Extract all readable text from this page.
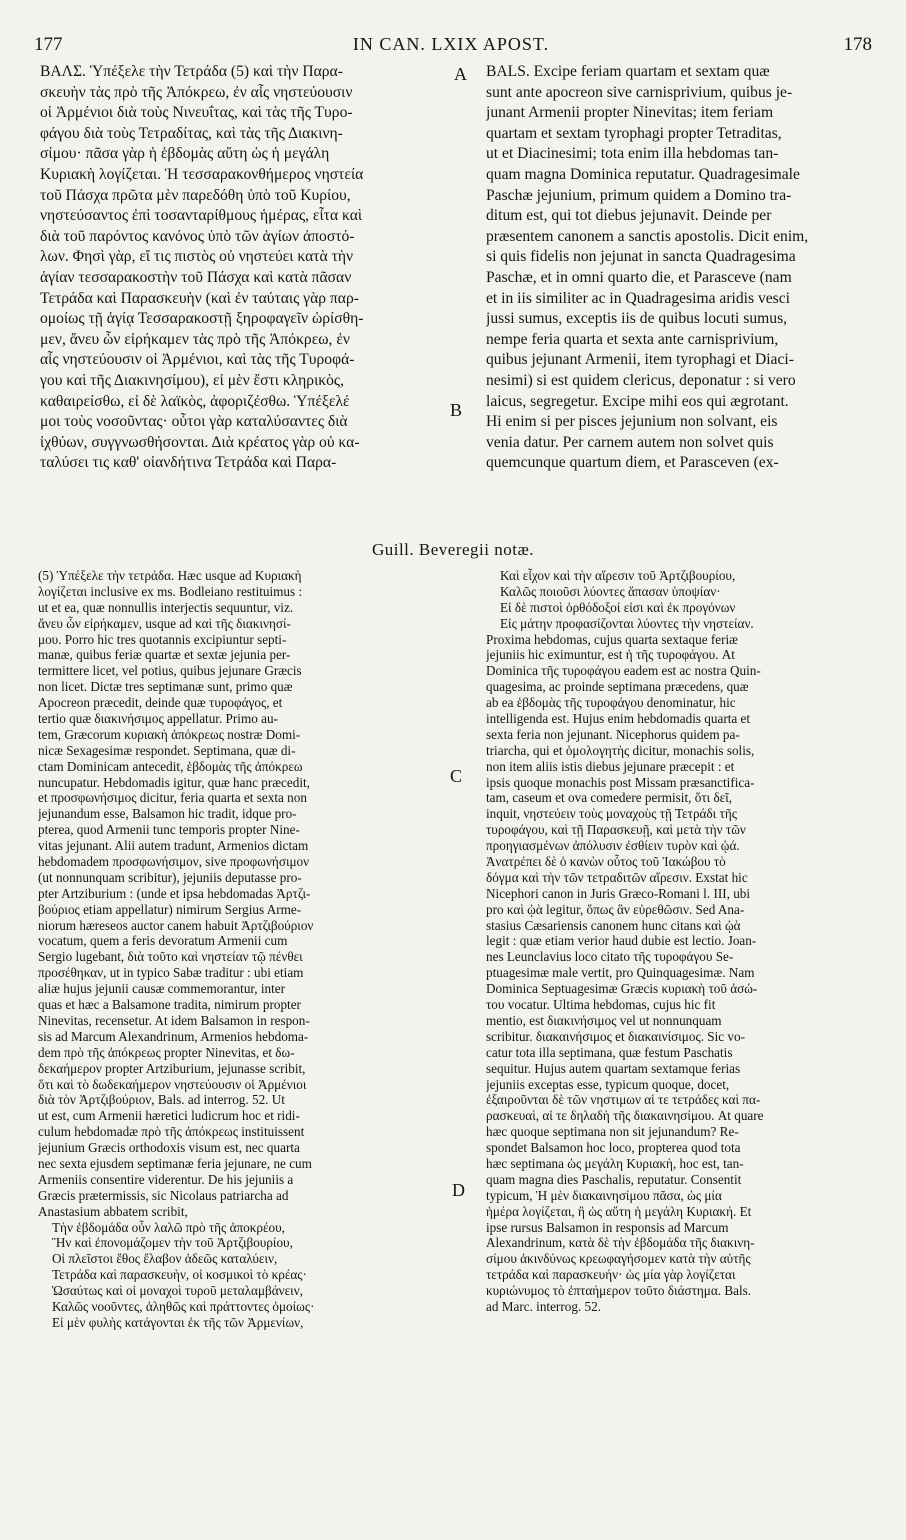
177	IN CAN. LXIX APOST.	178
ΒΑΛΣ. Ὑπέξελε τὴν Τετράδα (5) καὶ τὴν Παρα-
σκευὴν τὰς πρὸ τῆς Ἀπόκρεω, ἐν αἷς νηστεύουσιν
οἱ Ἀρμένιοι διὰ τοὺς Νινευΐτας, καὶ τὰς τῆς Τυρο-
φάγου διὰ τοὺς Τετραδίτας, καὶ τὰς τῆς Διακινη-
σίμου· πᾶσα γὰρ ἡ ἑβδομὰς αὕτη ὡς ἡ μεγάλη
Κυριακὴ λογίζεται. Ἡ τεσσαρακονθήμερος νηστεία
τοῦ Πάσχα πρῶτα μὲν παρεδόθη ὑπὸ τοῦ Κυρίου,
νηστεύσαντος ἐπὶ τοσανταρίθμους ἡμέρας, εἶτα καὶ
διὰ τοῦ παρόντος κανόνος ὑπὸ τῶν ἁγίων ἀποστό-
λων. Φησὶ γὰρ, εἴ τις πιστὸς οὐ νηστεύει κατὰ τὴν
ἁγίαν τεσσαρακοστὴν τοῦ Πάσχα καὶ κατὰ πᾶσαν
Τετράδα καὶ Παρασκευὴν (καὶ ἐν ταύταις γὰρ παρ-
ομοίως τῇ ἁγίᾳ Τεσσαρακοστῇ ξηροφαγεῖν ὡρίσθη-
μεν, ἄνευ ὧν εἰρήκαμεν τὰς πρὸ τῆς Ἀπόκρεω, ἐν
αἷς νηστεύουσιν οἱ Ἀρμένιοι, καὶ τὰς τῆς Τυροφά-
γου καὶ τῆς Διακινησίμου), εἰ μὲν ἔστι κληρικὸς,
καθαιρείσθω, εἰ δὲ λαϊκὸς, ἀφοριζέσθω. Ὑπέξελέ
μοι τοὺς νοσοῦντας· οὗτοι γὰρ καταλύσαντες διὰ
ἰχθύων, συγγνωσθήσονται. Διὰ κρέατος γὰρ οὐ κα-
ταλύσει τις καθ' οἱανδήτινα Τετράδα καὶ Παρα-
BALS. Excipe feriam quartam et sextam quæ
sunt ante apocreon sive carnisprivium, quibus je-
junant Armenii propter Ninevitas; item feriam
quartam et sextam tyrophagi propter Tetraditas,
ut et Diacinesimi; tota enim illa hebdomas tan-
quam magna Dominica reputatur. Quadragesimale
Paschæ jejunium, primum quidem a Domino tra-
ditum est, qui tot diebus jejunavit. Deinde per
præsentem canonem a sanctis apostolis. Dicit enim,
si quis fidelis non jejunat in sancta Quadragesima
Paschæ, et in omni quarto die, et Parasceve (nam
et in iis similiter ac in Quadragesima aridis vesci
jussi sumus, exceptis iis de quibus locuti sumus,
nempe feria quarta et sexta ante carnisprivium,
quibus jejunant Armenii, item tyrophagi et Diaci-
nesimi) si est quidem clericus, deponatur : si vero
laicus, segregetur. Excipe mihi eos qui ægrotant.
Hi enim si per pisces jejunium non solvant, eis
venia datur. Per carnem autem non solvet quis
quemcunque quartum diem, et Parasceven (ex-
A
B
C
D
Guill. Beveregii notæ.
(5) Ὑπέξελε τὴν τετράδα. Hæc usque ad Κυριακὴ
λογίζεται inclusive ex ms. Bodleiano restituimus :
ut et ea, quæ nonnullis interjectis sequuntur, viz.
ἄνευ ὧν εἰρήκαμεν, usque ad καὶ τῆς διακινησί-
μου. Porro hic tres quotannis excipiuntur septi-
manæ, quibus feriæ quartæ et sextæ jejunia per-
termittere licet, vel potius, quibus jejunare Græcis
non licet. Dictæ tres septimanæ sunt, primo quæ
Apocreon præcedit, deinde quæ τυροφάγος, et
tertio quæ διακινήσιμος appellatur. Primo au-
tem, Græcorum κυριακὴ ἀπόκρεως nostræ Domi-
nicæ Sexagesimæ respondet. Septimana, quæ di-
ctam Dominicam antecedit, ἑβδομὰς τῆς ἀπόκρεω
nuncupatur. Hebdomadis igitur, quæ hanc præcedit,
et προσφωνήσιμος dicitur, feria quarta et sexta non
jejunandum esse, Balsamon hic tradit, idque pro-
pterea, quod Armenii tunc temporis propter Nine-
vitas jejunant. Alii autem tradunt, Armenios dictam
hebdomadem προσφωνήσιμον, sive προφωνήσιμον
(ut nonnunquam scribitur), jejuniis deputasse pro-
pter Artziburium : (unde et ipsa hebdomadas Ἀρτζι-
βούριος etiam appellatur) nimirum Sergius Arme-
niorum hæreseos auctor canem habuit Ἀρτζιβούριον
vocatum, quem a feris devoratum Armenii cum
Sergio lugebant, διὰ τοῦτο καὶ νηστείαν τῷ πένθει
προσέθηκαν, ut in typico Sabæ traditur : ubi etiam
aliæ hujus jejunii causæ commemorantur, inter
quas et hæc a Balsamone tradita, nimirum propter
Ninevitas, recensetur. At idem Balsamon in respon-
sis ad Marcum Alexandrinum, Armenios hebdoma-
dem πρὸ τῆς ἀπόκρεως propter Ninevitas, et δω-
δεκαήμερον propter Artziburium, jejunasse scribit,
ὅτι καὶ τὸ δωδεκαήμερον νηστεύουσιν οἱ Ἀρμένιοι
διὰ τὸν Ἀρτζιβούριον, Bals. ad interrog. 52. Ut
ut est, cum Armenii hæretici ludicrum hoc et ridi-
culum hebdomadæ πρὸ τῆς ἀπόκρεως instituissent
jejunium Græcis orthodoxis visum est, nec quarta
nec sexta ejusdem septimanæ feria jejunare, ne cum
Armeniis consentire viderentur. De his jejuniis a
Græcis prætermissis, sic Nicolaus patriarcha ad
Anastasium abbatem scribit,
Τὴν ἑβδομάδα οὖν λαλῶ πρὸ τῆς ἀποκρέου,
Ἣν καὶ ἐπονομάζομεν τὴν τοῦ Ἀρτζιβουρίου,
Οἱ πλεῖστοι ἔθος ἔλαβον ἀδεῶς καταλύειν,
Τετράδα καὶ παρασκευὴν, οἱ κοσμικοὶ τὸ κρέας·
Ὡσαύτως καὶ οἱ μοναχοὶ τυροῦ μεταλαμβάνειν,
Καλῶς νοοῦντες, ἀληθῶς καὶ πράττοντες ὁμοίως·
Εἰ μὲν φυλὴς κατάγονται ἐκ τῆς τῶν Ἀρμενίων,
Καὶ εἶχον καὶ τὴν αἵρεσιν τοῦ Ἀρτζιβουρίου,
Καλῶς ποιοῦσι λύοντες ἅπασαν ὑποψίαν·
Εἰ δὲ πιστοὶ ὀρθόδοξοί εἰσι καὶ ἐκ προγόνων
Εἰς μάτην προφασίζονται λύοντες τὴν νηστείαν.
Proxima hebdomas, cujus quarta sextaque feriæ
jejuniis hic eximuntur, est ἡ τῆς τυροφάγου. At
Dominica τῆς τυροφάγου eadem est ac nostra Quin-
quagesima, ac proinde septimana præcedens, quæ
ab ea ἑβδομὰς τῆς τυροφάγου denominatur, hic
intelligenda est. Hujus enim hebdomadis quarta et
sexta feria non jejunant. Nicephorus quidem pa-
triarcha, qui et ὁμολογητὴς dicitur, monachis solis,
non item aliis istis diebus jejunare præcepit : et
ipsis quoque monachis post Missam præsanctifica-
tam, caseum et ova comedere permisit, ὅτι δεῖ,
inquit, νηστεύειν τοὺς μοναχοὺς τῇ Τετράδι τῆς
τυροφάγου, καὶ τῇ Παρασκευῇ, καὶ μετὰ τὴν τῶν
προηγιασμένων ἀπόλυσιν ἐσθίειν τυρὸν καὶ ᾠά.
Ἀνατρέπει δὲ ὁ κανὼν οὗτος τοῦ Ἰακώβου τὸ
δόγμα καὶ τὴν τῶν τετραδιτῶν αἵρεσιν. Exstat hic
Nicephori canon in Juris Græco-Romani l. III, ubi
pro καὶ ᾠὰ legitur, ὅπως ἂν εὑρεθῶσιν. Sed Ana-
stasius Cæsariensis canonem hunc citans καὶ ᾠὰ
legit : quæ etiam verior haud dubie est lectio. Joan-
nes Leunclavius loco citato τῆς τυροφάγου Se-
ptuagesimæ male vertit, pro Quinquagesimæ. Nam
Dominica Septuagesimæ Græcis κυριακὴ τοῦ ἀσώ-
του vocatur. Ultima hebdomas, cujus hic fit
mentio, est διακινήσιμος vel ut nonnunquam
scribitur. διακαινήσιμος et διακαινίσιμος. Sic vo-
catur tota illa septimana, quæ festum Paschatis
sequitur. Hujus autem quartam sextamque ferias
jejuniis exceptas esse, typicum quoque, docet,
ἐξαιροῦνται δὲ τῶν νηστιμων αἱ τε τετράδες καὶ πα-
ρασκευαὶ, αἱ τε δηλαδὴ τῆς διακαινησίμου. At quare
hæc quoque septimana non sit jejunandum? Re-
spondet Balsamon hoc loco, propterea quod tota
hæc septimana ὡς μεγάλη Κυριακὴ, hoc est, tan-
quam magna dies Paschalis, reputatur. Consentit
typicum, Ἡ μὲν διακαινησίμου πᾶσα, ὡς μία
ἡμέρα λογίζεται, ἢ ὡς αὕτη ἡ μεγάλη Κυριακή. Et
ipse rursus Balsamon in responsis ad Marcum
Alexandrinum, κατὰ δὲ τὴν ἑβδομάδα τῆς διακινη-
σίμου ἀκινδύνως κρεωφαγήσομεν κατὰ τὴν αὐτῆς
τετράδα καὶ παρασκευήν· ὡς μία γὰρ λογίζεται
κυριώνυμος τὸ ἐπταήμερον τοῦτο διάστημα. Bals.
ad Marc. interrog. 52.
